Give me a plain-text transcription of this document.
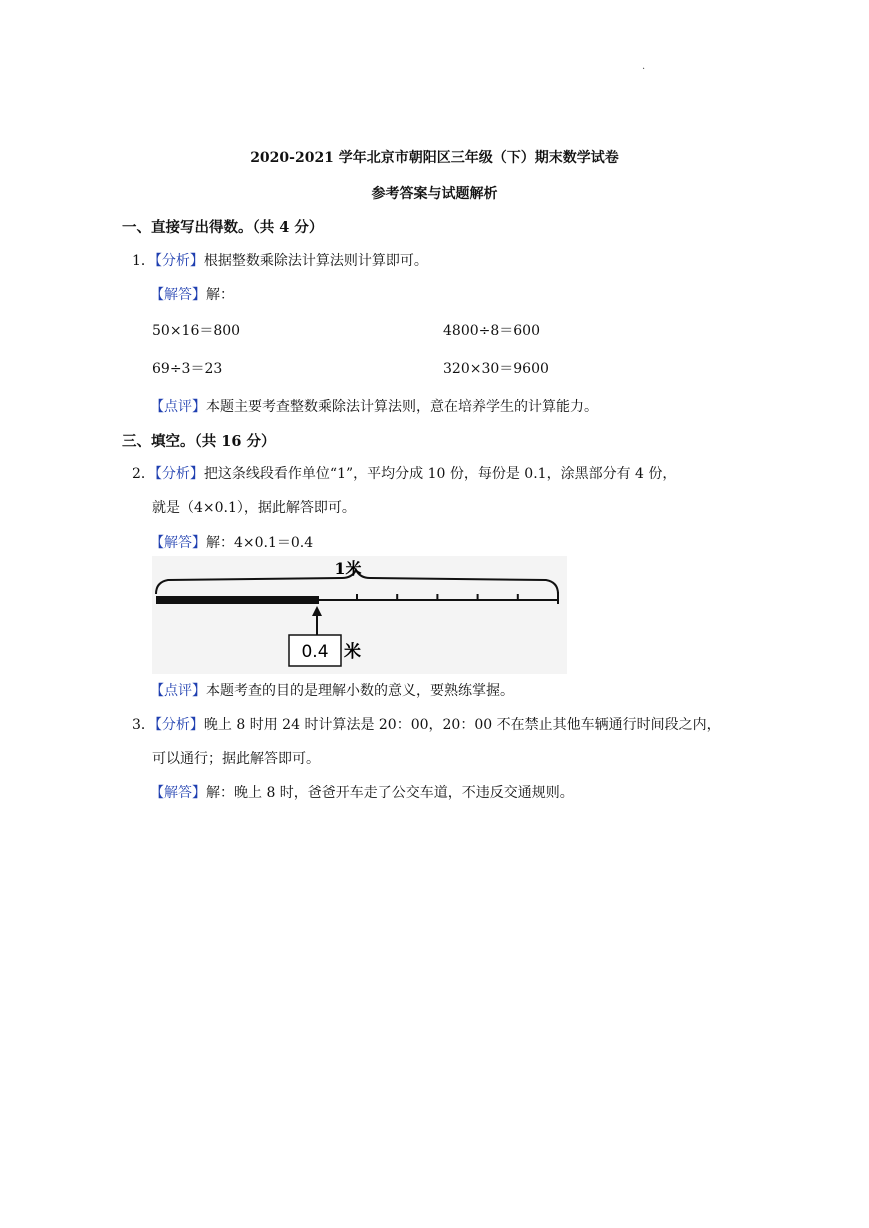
·
2020-2021 学年北京市朝阳区三年级（下）期末数学试卷
参考答案与试题解析
一、直接写出得数。（共 4 分）
1．【分析】根据整数乘除法计算法则计算即可。
【解答】解：
50×16＝800	4800÷8＝600
69÷3＝23	320×30＝9600
【点评】本题主要考查整数乘除法计算法则，意在培养学生的计算能力。
三、填空。（共 16 分）
2．【分析】把这条线段看作单位“1”，平均分成 10 份，每份是 0.1，涂黑部分有 4 份，
就是（4×0.1），据此解答即可。
【解答】解：4×0.1＝0.4
1米
0.4 米
【点评】本题考查的目的是理解小数的意义，要熟练掌握。
3．【分析】晚上 8 时用 24 时计算法是 20：00，20：00 不在禁止其他车辆通行时间段之内，
可以通行；据此解答即可。
【解答】解：晚上 8 时，爸爸开车走了公交车道，不违反交通规则。
